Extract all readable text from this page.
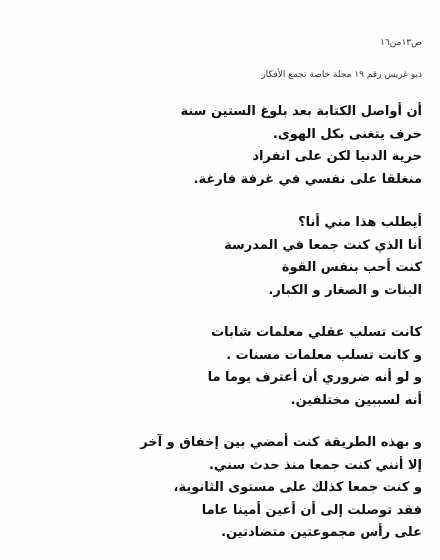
ص١٣من١٦
ديو غريس رقم ١٩ مجلة خاصة تجمع الأفكار
أن أواصل الكتابة بعد بلوغ الستين سنة
حرف يتغنى بكل الهوى.
حرية الدنيا لكن على انفراد
منغلقا على نفسي في غرفة فارغة.
أيطلب هذا مني أنا؟
أنا الذي كنت جمعا في المدرسة
كنت أحب بنفس القوة
البنات و الصغار و الكبار.
كانت تسلب عقلي معلمات شابات
و كانت تسلب معلمات مسنات .
و لو أنه ضروري أن أعترف يوما ما
أنه لسببين مختلفين.
و بهذه الطريقة كنت أمضي بين إخفاق و آخر
إلا أنني كنت جمعا منذ حدث سني.
و كنت جمعا كذلك على مستوى الثانوية،
فقد توصلت إلى أن أعين أمينا عاما
على رأس مجموعتين متضادتين.
